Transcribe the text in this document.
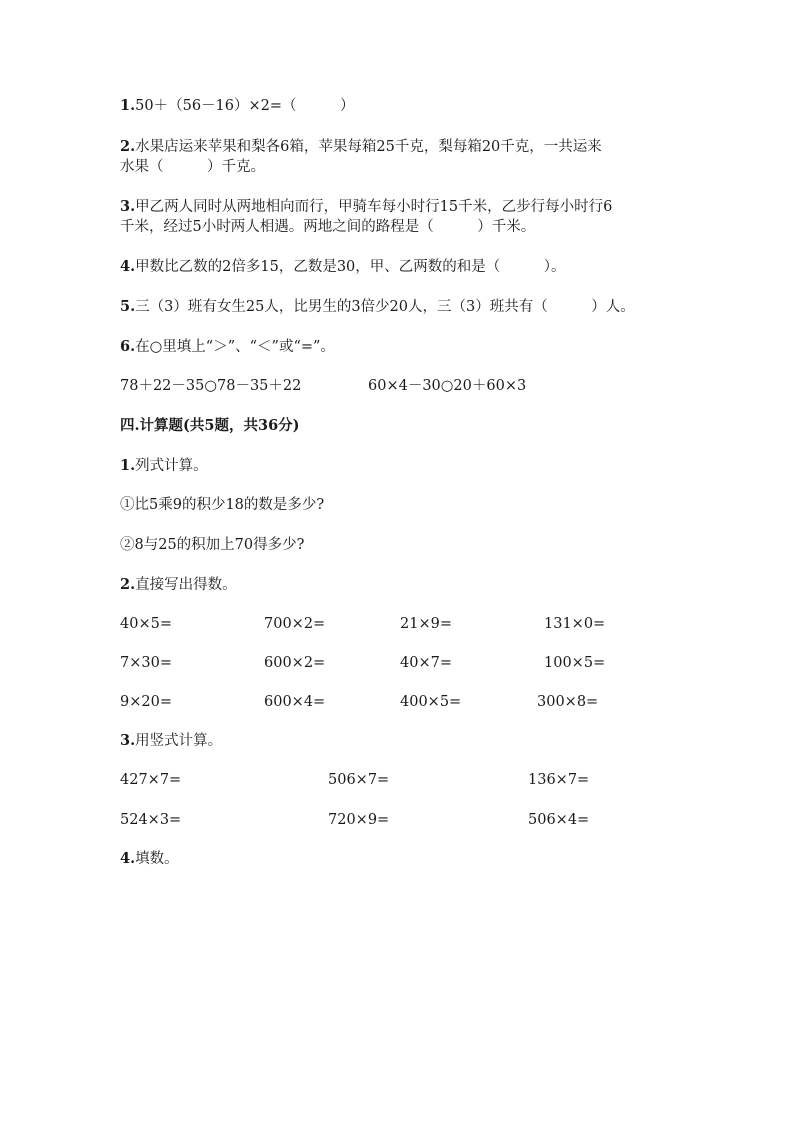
1.50＋（56－16）×2=（　　　）
2.水果店运来苹果和梨各6箱，苹果每箱25千克，梨每箱20千克，一共运来
水果（　　　）千克。
3.甲乙两人同时从两地相向而行，甲骑车每小时行15千米，乙步行每小时行6
千米，经过5小时两人相遇。两地之间的路程是（　　　）千米。
4.甲数比乙数的2倍多15，乙数是30，甲、乙两数的和是（　　　）。
5.三（3）班有女生25人，比男生的3倍少20人，三（3）班共有（　　　）人。
6.在○里填上“＞”、“＜”或“=”。
78＋22－35○78－35＋22	60×4－30○20＋60×3
四.计算题(共5题，共36分)
1.列式计算。
①比5乘9的积少18的数是多少?
②8与25的积加上70得多少?
2.直接写出得数。
40×5=	700×2=	21×9=	131×0=
7×30=	600×2=	40×7=	100×5=
9×20=	600×4=	400×5=	300×8=
3.用竖式计算。
427×7=	506×7=	136×7=
524×3=	720×9=	506×4=
4.填数。
